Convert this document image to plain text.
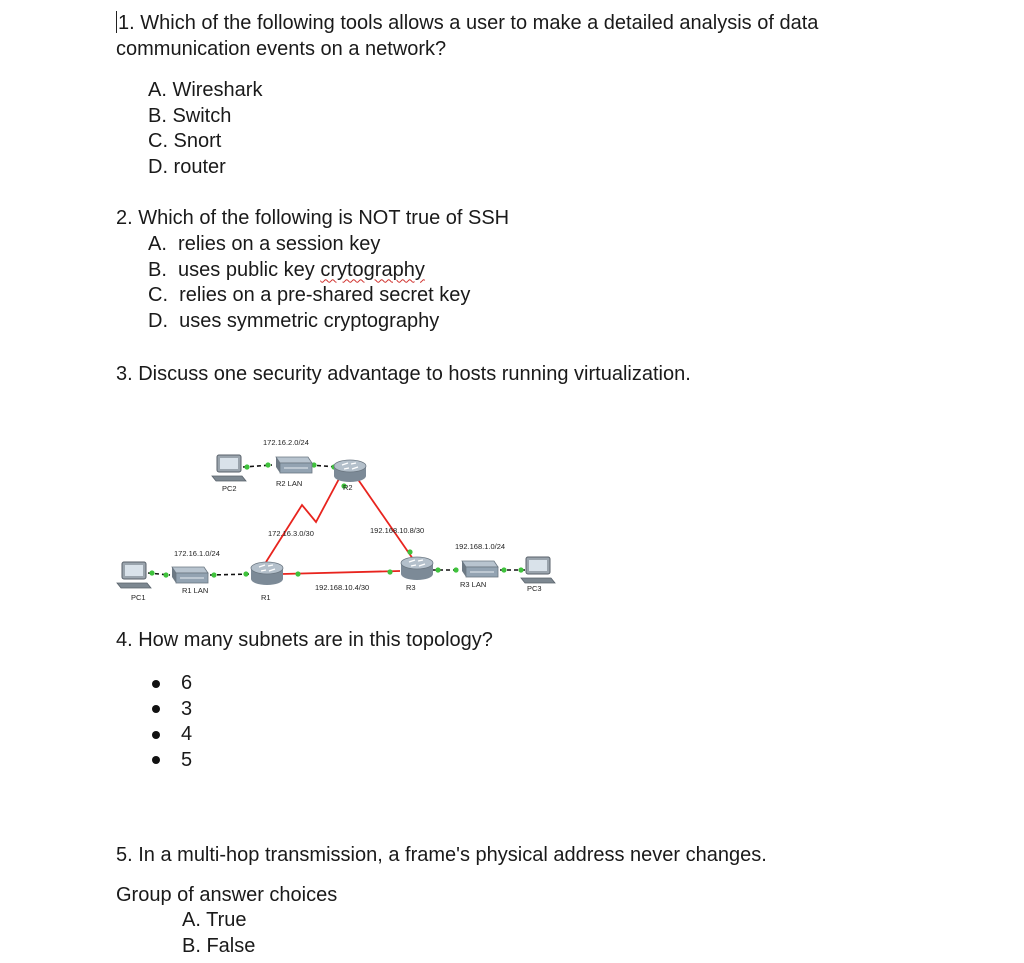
1. Which of the following tools allows a user to make a detailed analysis of data
communication events on a network?
A. Wireshark
B. Switch
C. Snort
D. router
2. Which of the following is NOT true of SSH
A. relies on a session key
B. uses public key crytography
C. relies on a pre-shared secret key
D. uses symmetric cryptography
3. Discuss one security advantage to hosts running virtualization.
172.16.2.0/24
172.16.1.0/24
192.168.1.0/24
172.16.3.0/30	192.168.10.8/30
192.168.10.4/30
PC2
R2 LAN	R2
PC1
R1 LAN
R1
R3	R3 LAN	PC3
4. How many subnets are in this topology?
6
3
4
5
5. In a multi-hop transmission, a frame's physical address never changes.
Group of answer choices
A. True
B. False
